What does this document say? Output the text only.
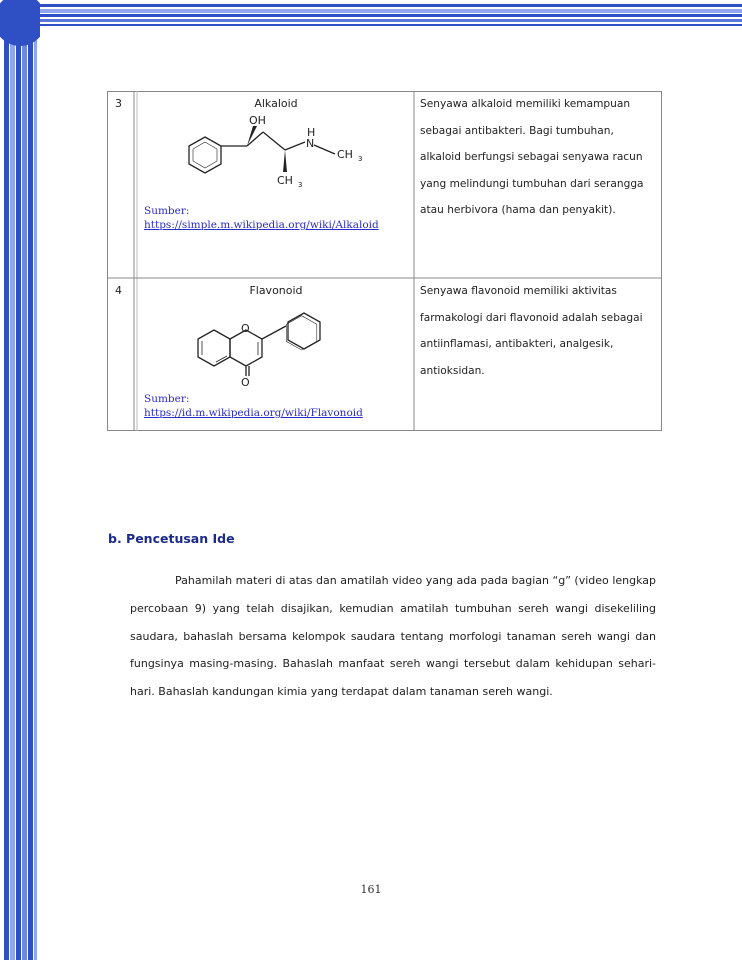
3	Alkaloid
OH
H
N
CH 3
CH 3
Sumber:
https://simple.m.wikipedia.org/wiki/Alkaloid
Senyawa alkaloid memiliki kemampuan sebagai antibakteri. Bagi tumbuhan, alkaloid berfungsi sebagai senyawa racun yang melindungi tumbuhan dari serangga atau herbivora (hama dan penyakit).
4	Flavonoid
O
O
Sumber:
https://id.m.wikipedia.org/wiki/Flavonoid
Senyawa flavonoid memiliki aktivitas farmakologi dari flavonoid adalah sebagai antiinflamasi, antibakteri, analgesik, antioksidan.
b. Pencetusan Ide
Pahamilah materi di atas dan amatilah video yang ada pada bagian “g” (video lengkap percobaan 9) yang telah disajikan, kemudian amatilah tumbuhan sereh wangi disekeliling saudara, bahaslah bersama kelompok saudara tentang morfologi tanaman sereh wangi dan fungsinya masing-masing. Bahaslah manfaat sereh wangi tersebut dalam kehidupan sehari-hari. Bahaslah kandungan kimia yang terdapat dalam tanaman sereh wangi.
161
